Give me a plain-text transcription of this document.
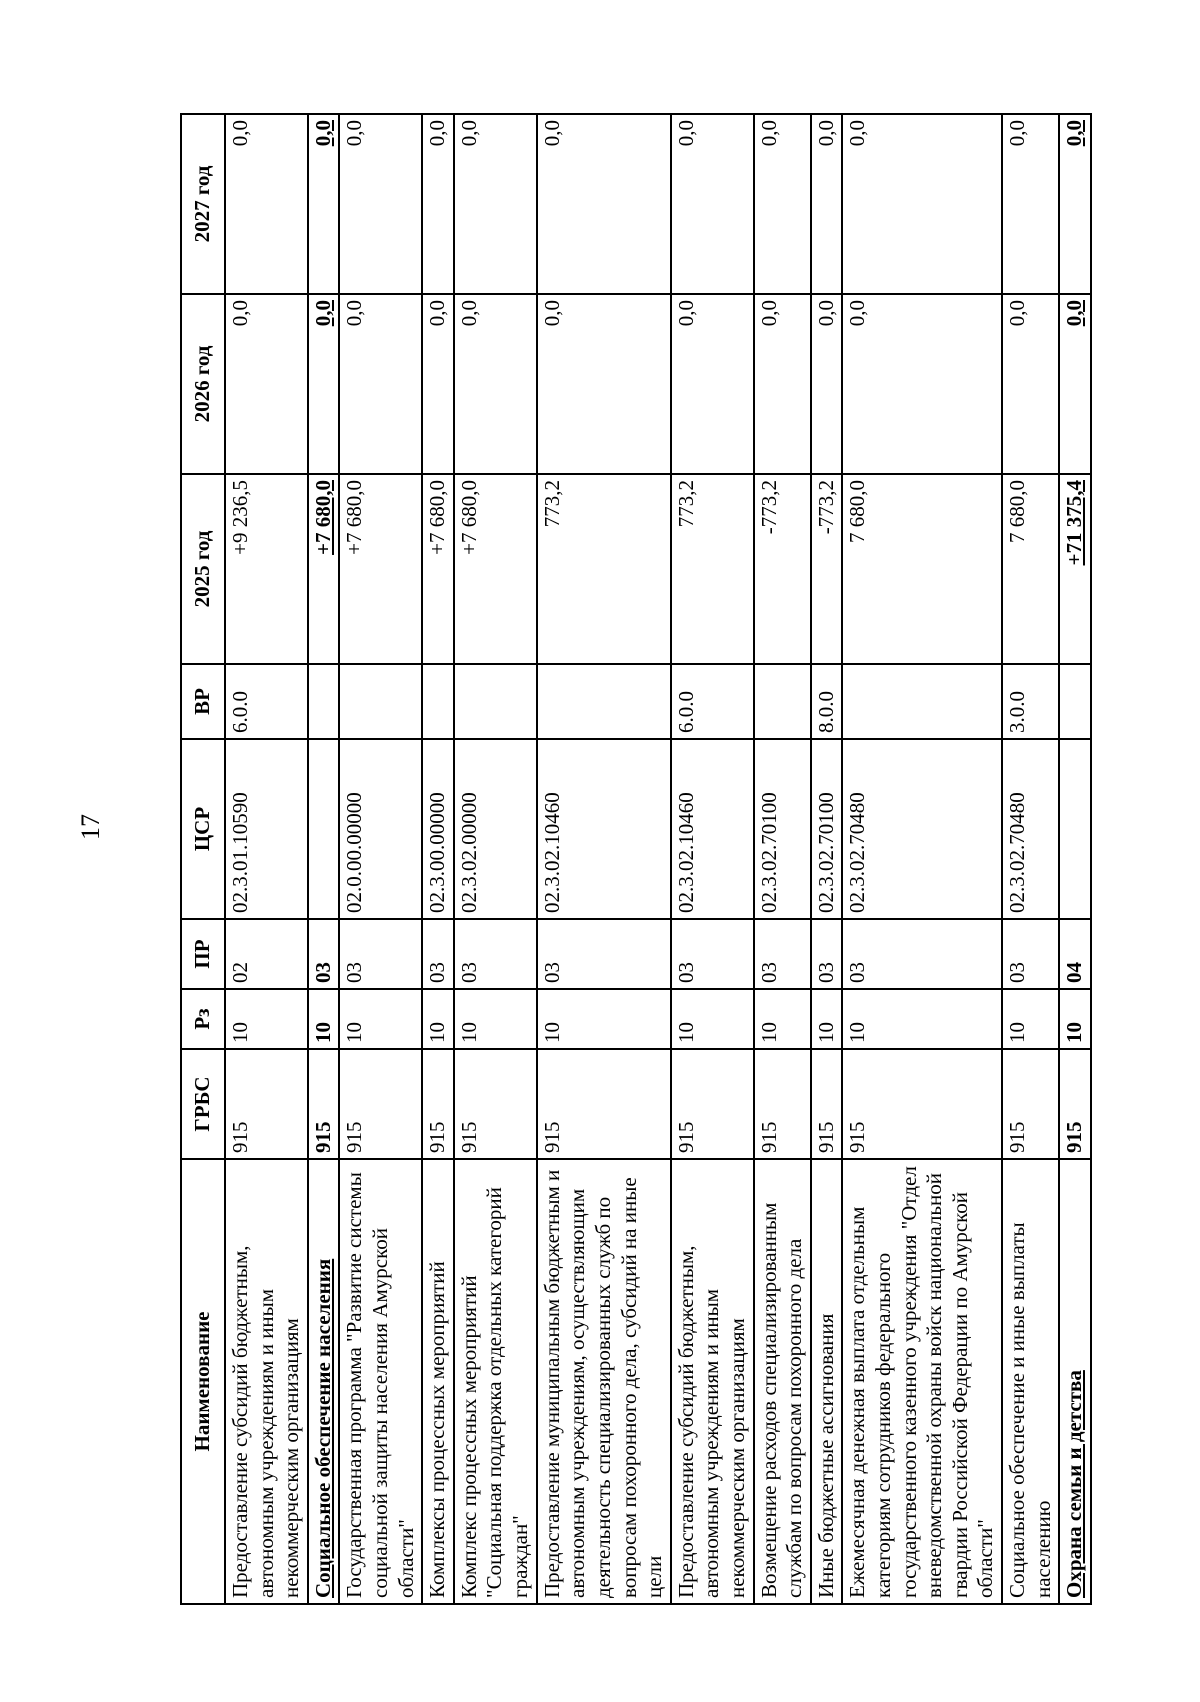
17
Наименование	ГРБС	Рз	ПР	ЦСР	ВР	2025 год	2026 год	2027 год
Предоставление субсидий бюджетным, автономным учреждениям и иным некоммерческим организациям	915	10	02	02.3.01.10590	6.0.0	+9 236,5	0,0	0,0
Социальное обеспечение населения	915	10	03			+7 680,0	0,0	0,0
Государственная программа "Развитие системы социальной защиты населения Амурской области"	915	10	03	02.0.00.00000		+7 680,0	0,0	0,0
Комплексы процессных мероприятий	915	10	03	02.3.00.00000		+7 680,0	0,0	0,0
Комплекс процессных мероприятий "Социальная поддержка отдельных категорий граждан"	915	10	03	02.3.02.00000		+7 680,0	0,0	0,0
Предоставление муниципальным бюджетным и автономным учреждениям, осуществляющим деятельность специализированных служб по вопросам похоронного дела, субсидий на иные цели	915	10	03	02.3.02.10460		773,2	0,0	0,0
Предоставление субсидий бюджетным, автономным учреждениям и иным некоммерческим организациям	915	10	03	02.3.02.10460	6.0.0	773,2	0,0	0,0
Возмещение расходов специализированным службам по вопросам похоронного дела	915	10	03	02.3.02.70100		-773,2	0,0	0,0
Иные бюджетные ассигнования	915	10	03	02.3.02.70100	8.0.0	-773,2	0,0	0,0
Ежемесячная денежная выплата отдельным категориям сотрудников федерального государственного казенного учреждения "Отдел вневедомственной охраны войск национальной гвардии Российской Федерации по Амурской области"	915	10	03	02.3.02.70480		7 680,0	0,0	0,0
Социальное обеспечение и иные выплаты населению	915	10	03	02.3.02.70480	3.0.0	7 680,0	0,0	0,0
Охрана семьи и детства	915	10	04			+71 375,4	0,0	0,0
